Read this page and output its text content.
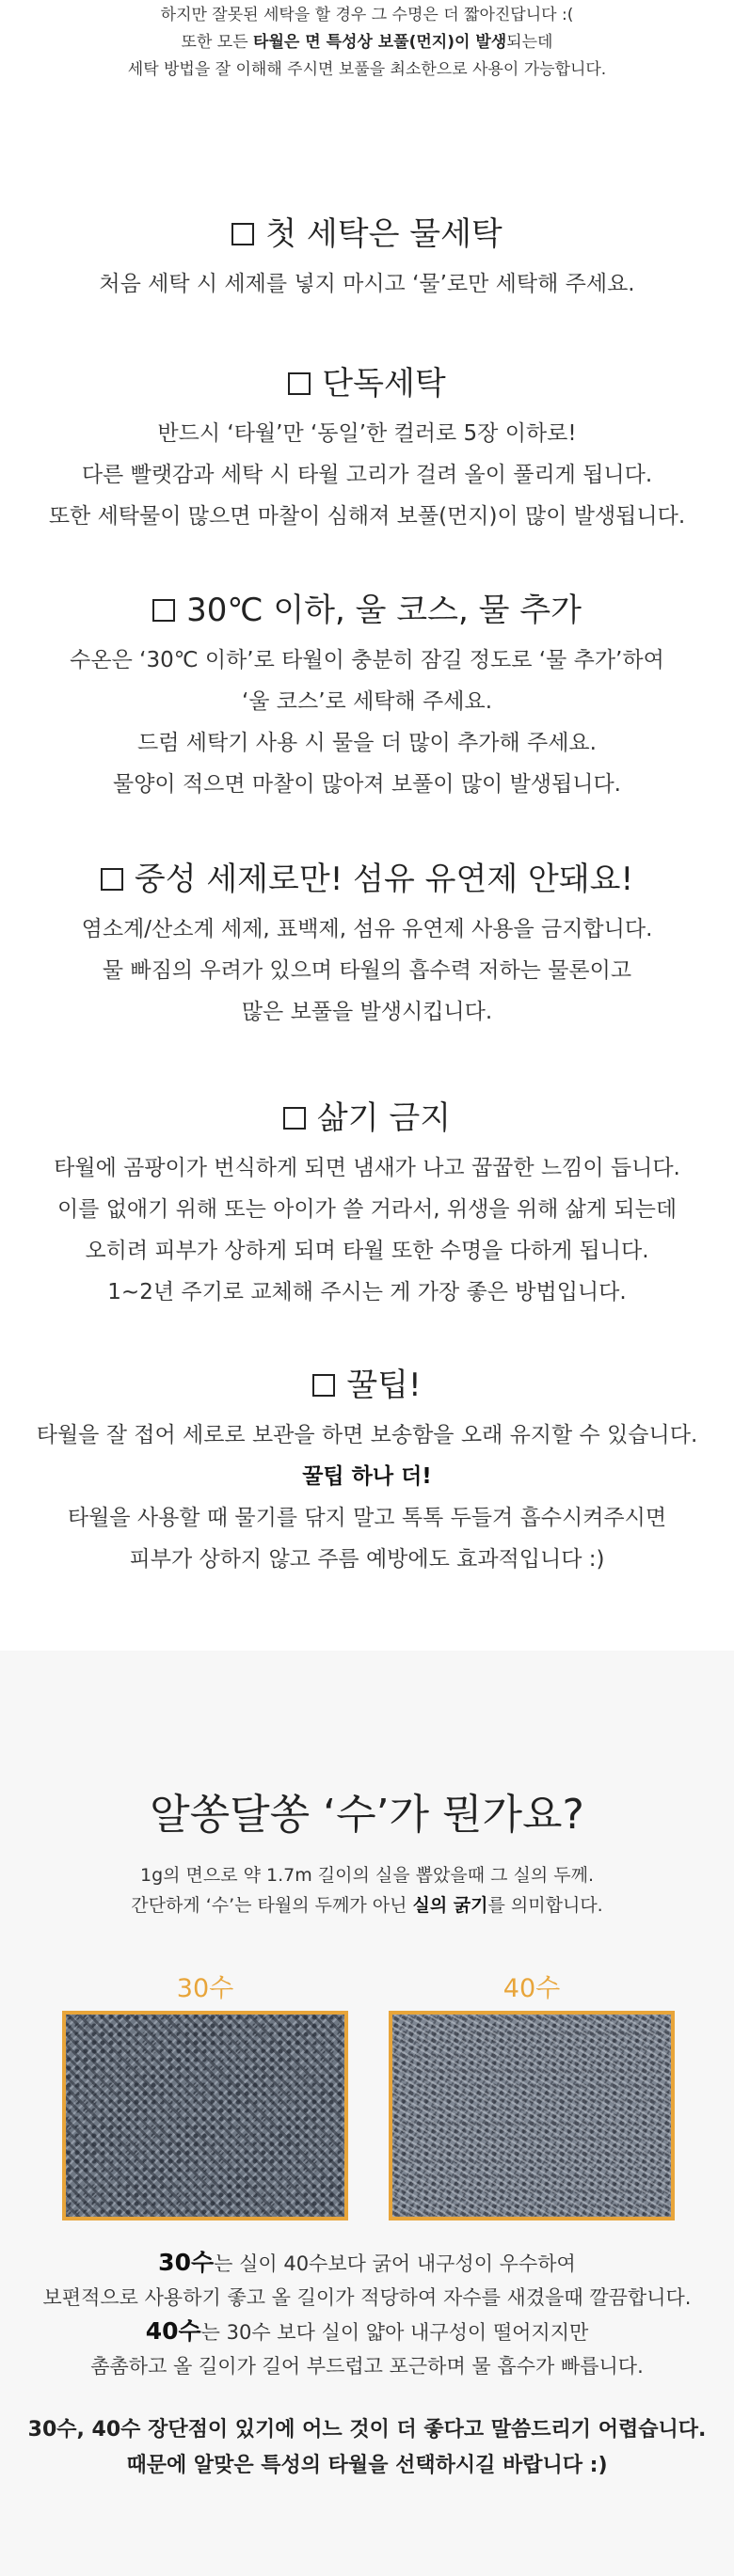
하지만 잘못된 세탁을 할 경우 그 수명은 더 짧아진답니다 :(
또한 모든 타월은 면 특성상 보풀(먼지)이 발생되는데
세탁 방법을 잘 이해해 주시면 보풀을 최소한으로 사용이 가능합니다.
첫 세탁은 물세탁
처음 세탁 시 세제를 넣지 마시고 ‘물’로만 세탁해 주세요.
단독세탁
반드시 ‘타월’만 ‘동일’한 컬러로 5장 이하로!
다른 빨랫감과 세탁 시 타월 고리가 걸려 올이 풀리게 됩니다.
또한 세탁물이 많으면 마찰이 심해져 보풀(먼지)이 많이 발생됩니다.
30℃ 이하, 울 코스, 물 추가
수온은 ‘30℃ 이하’로 타월이 충분히 잠길 정도로 ‘물 추가’하여
‘울 코스’로 세탁해 주세요.
드럼 세탁기 사용 시 물을 더 많이 추가해 주세요.
물양이 적으면 마찰이 많아져 보풀이 많이 발생됩니다.
중성 세제로만! 섬유 유연제 안돼요!
염소계/산소계 세제, 표백제, 섬유 유연제 사용을 금지합니다.
물 빠짐의 우려가 있으며 타월의 흡수력 저하는 물론이고
많은 보풀을 발생시킵니다.
삶기 금지
타월에 곰팡이가 번식하게 되면 냄새가 나고 꿉꿉한 느낌이 듭니다.
이를 없애기 위해 또는 아이가 쓸 거라서, 위생을 위해 삶게 되는데
오히려 피부가 상하게 되며 타월 또한 수명을 다하게 됩니다.
1~2년 주기로 교체해 주시는 게 가장 좋은 방법입니다.
꿀팁!
타월을 잘 접어 세로로 보관을 하면 보송함을 오래 유지할 수 있습니다.
꿀팁 하나 더!
타월을 사용할 때 물기를 닦지 말고 톡톡 두들겨 흡수시켜주시면
피부가 상하지 않고 주름 예방에도 효과적입니다 :)
알쏭달쏭 ‘수’가 뭔가요?
1g의 면으로 약 1.7m 길이의 실을 뽑았을때 그 실의 두께.
간단하게 ‘수’는 타월의 두께가 아닌 실의 굵기를 의미합니다.
30수	40수
30수는 실이 40수보다 굵어 내구성이 우수하여
보편적으로 사용하기 좋고 올 길이가 적당하여 자수를 새겼을때 깔끔합니다.
40수는 30수 보다 실이 얇아 내구성이 떨어지지만
촘촘하고 올 길이가 길어 부드럽고 포근하며 물 흡수가 빠릅니다.
30수, 40수 장단점이 있기에 어느 것이 더 좋다고 말씀드리기 어렵습니다.
때문에 알맞은 특성의 타월을 선택하시길 바랍니다 :)
